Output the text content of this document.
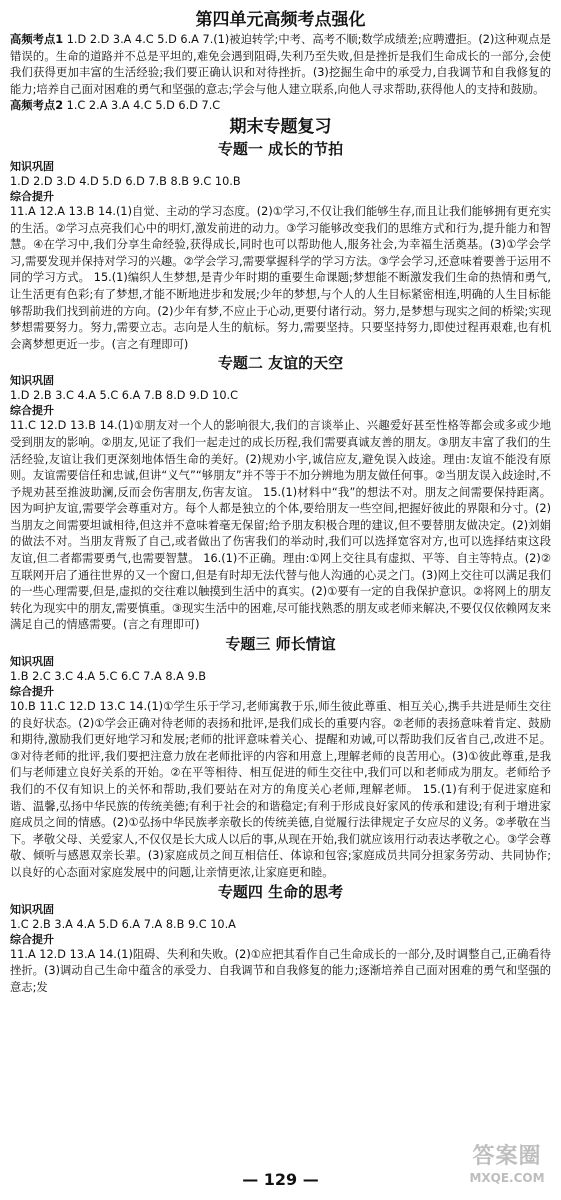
第四单元高频考点强化

高频考点1 1.D 2.D 3.A 4.C 5.D 6.A 7.(1)被迫转学;中考、高考不顺;数学成绩差;应聘遭拒。(2)这种观点是错误的。生命的道路并不总是平坦的,难免会遇到阻碍,失利乃至失败,但是挫折是我们生命成长的一部分,会使我们获得更加丰富的生活经验;我们要正确认识和对待挫折。(3)挖掘生命中的承受力,自我调节和自我修复的能力;培养自己面对困难的勇气和坚强的意志;学会与他人建立联系,向他人寻求帮助,获得他人的支持和鼓励。

高频考点2 1.C 2.A 3.A 4.C 5.D 6.D 7.C

期末专题复习
专题一 成长的节拍

知识巩固

1.D 2.D 3.D 4.D 5.D 6.D 7.B 8.B 9.C 10.B

综合提升

11.A 12.A 13.B 14.(1)自觉、主动的学习态度。(2)①学习,不仅让我们能够生存,而且让我们能够拥有更充实的生活。②学习点亮我们心中的明灯,激发前进的动力。③学习能够改变我们的思维方式和行为,提升能力和智慧。④在学习中,我们分享生命经验,获得成长,同时也可以帮助他人,服务社会,为幸福生活奠基。(3)①学会学习,需要发现并保持对学习的兴趣。②学会学习,需要掌握科学的学习方法。③学会学习,还意味着要善于运用不同的学习方式。 15.(1)编织人生梦想,是青少年时期的重要生命课题;梦想能不断激发我们生命的热情和勇气,让生活更有色彩;有了梦想,才能不断地进步和发展;少年的梦想,与个人的人生目标紧密相连,明确的人生目标能够帮助我们找到前进的方向。(2)少年有梦,不应止于心动,更要付诸行动。努力,是梦想与现实之间的桥梁;实现梦想需要努力。努力,需要立志。志向是人生的航标。努力,需要坚持。只要坚持努力,即使过程再艰难,也有机会离梦想更近一步。(言之有理即可)

专题二 友谊的天空

知识巩固

1.D 2.B 3.C 4.A 5.C 6.A 7.B 8.D 9.D 10.C

综合提升

11.C 12.D 13.B 14.(1)①朋友对一个人的影响很大,我们的言谈举止、兴趣爱好甚至性格等都会或多或少地受到朋友的影响。②朋友,见证了我们一起走过的成长历程,我们需要真诚友善的朋友。③朋友丰富了我们的生活经验,友谊让我们更深刻地体悟生命的美好。(2)规劝小宇,诚信应友,避免误入歧途。理由:友谊不能没有原则。友谊需要信任和忠诚,但讲“义气”“够朋友”并不等于不加分辨地为朋友做任何事。②当朋友误入歧途时,不予规劝甚至推波助澜,反而会伤害朋友,伤害友谊。 15.(1)材料中“我”的想法不对。朋友之间需要保持距离。因为呵护友谊,需要学会尊重对方。每个人都是独立的个体,要给朋友一些空间,把握好彼此的界限和分寸。(2)当朋友之间需要坦诚相待,但这并不意味着毫无保留;给予朋友积极合理的建议,但不要替朋友做决定。(2)刘娟的做法不对。当朋友背叛了自己,或者做出了伤害我们的举动时,我们可以选择宽容对方,也可以选择结束这段友谊,但二者都需要勇气,也需要智慧。 16.(1)不正确。理由:①网上交往具有虚拟、平等、自主等特点。(2)②互联网开启了通往世界的又一个窗口,但是有时却无法代替与他人沟通的心灵之门。(3)网上交往可以满足我们的一些心理需要,但是,虚拟的交往难以触摸到生活中的真实。(2)①要有一定的自我保护意识。②将网上的朋友转化为现实中的朋友,需要慎重。③现实生活中的困难,尽可能找熟悉的朋友或老师来解决,不要仅仅依赖网友来满足自己的情感需要。(言之有理即可)

专题三 师长情谊

知识巩固

1.B 2.C 3.C 4.A 5.C 6.C 7.A 8.A 9.B

综合提升

10.B 11.C 12.D 13.C 14.(1)①学生乐于学习,老师寓教于乐,师生彼此尊重、相互关心,携手共进是师生交往的良好状态。(2)①学会正确对待老师的表扬和批评,是我们成长的重要内容。②老师的表扬意味着肯定、鼓励和期待,激励我们更好地学习和发展;老师的批评意味着关心、提醒和劝诫,可以帮助我们反省自己,改进不足。③对待老师的批评,我们要把注意力放在老师批评的内容和用意上,理解老师的良苦用心。(3)①彼此尊重,是我们与老师建立良好关系的开始。②在平等相待、相互促进的师生交往中,我们可以和老师成为朋友。老师给予我们的不仅有知识上的关怀和帮助,我们要站在对方的角度关心老师,理解老师。 15.(1)有利于促进家庭和谐、温馨,弘扬中华民族的传统美德;有利于社会的和谐稳定;有利于形成良好家风的传承和建设;有利于增进家庭成员之间的情感。(2)①弘扬中华民族孝亲敬长的传统美德,自觉履行法律规定子女应尽的义务。②孝敬在当下。孝敬父母、关爱家人,不仅仅是长大成人以后的事,从现在开始,我们就应该用行动表达孝敬之心。③学会尊敬、倾听与感恩双亲长辈。(3)家庭成员之间互相信任、体谅和包容;家庭成员共同分担家务劳动、共同协作;以良好的心态面对家庭发展中的问题,让亲情更浓,让家庭更和睦。

专题四 生命的思考

知识巩固

1.C 2.B 3.A 4.A 5.D 6.A 7.A 8.B 9.C 10.A

综合提升

11.A 12.D 13.A 14.(1)阻碍、失利和失败。(2)①应把其看作自己生命成长的一部分,及时调整自己,正确看待挫折。(3)调动自己生命中蕴含的承受力、自我调节和自我修复的能力;逐渐培养自己面对困难的勇气和坚强的意志;发

— 129 —
答案圈
MXQE.COM
